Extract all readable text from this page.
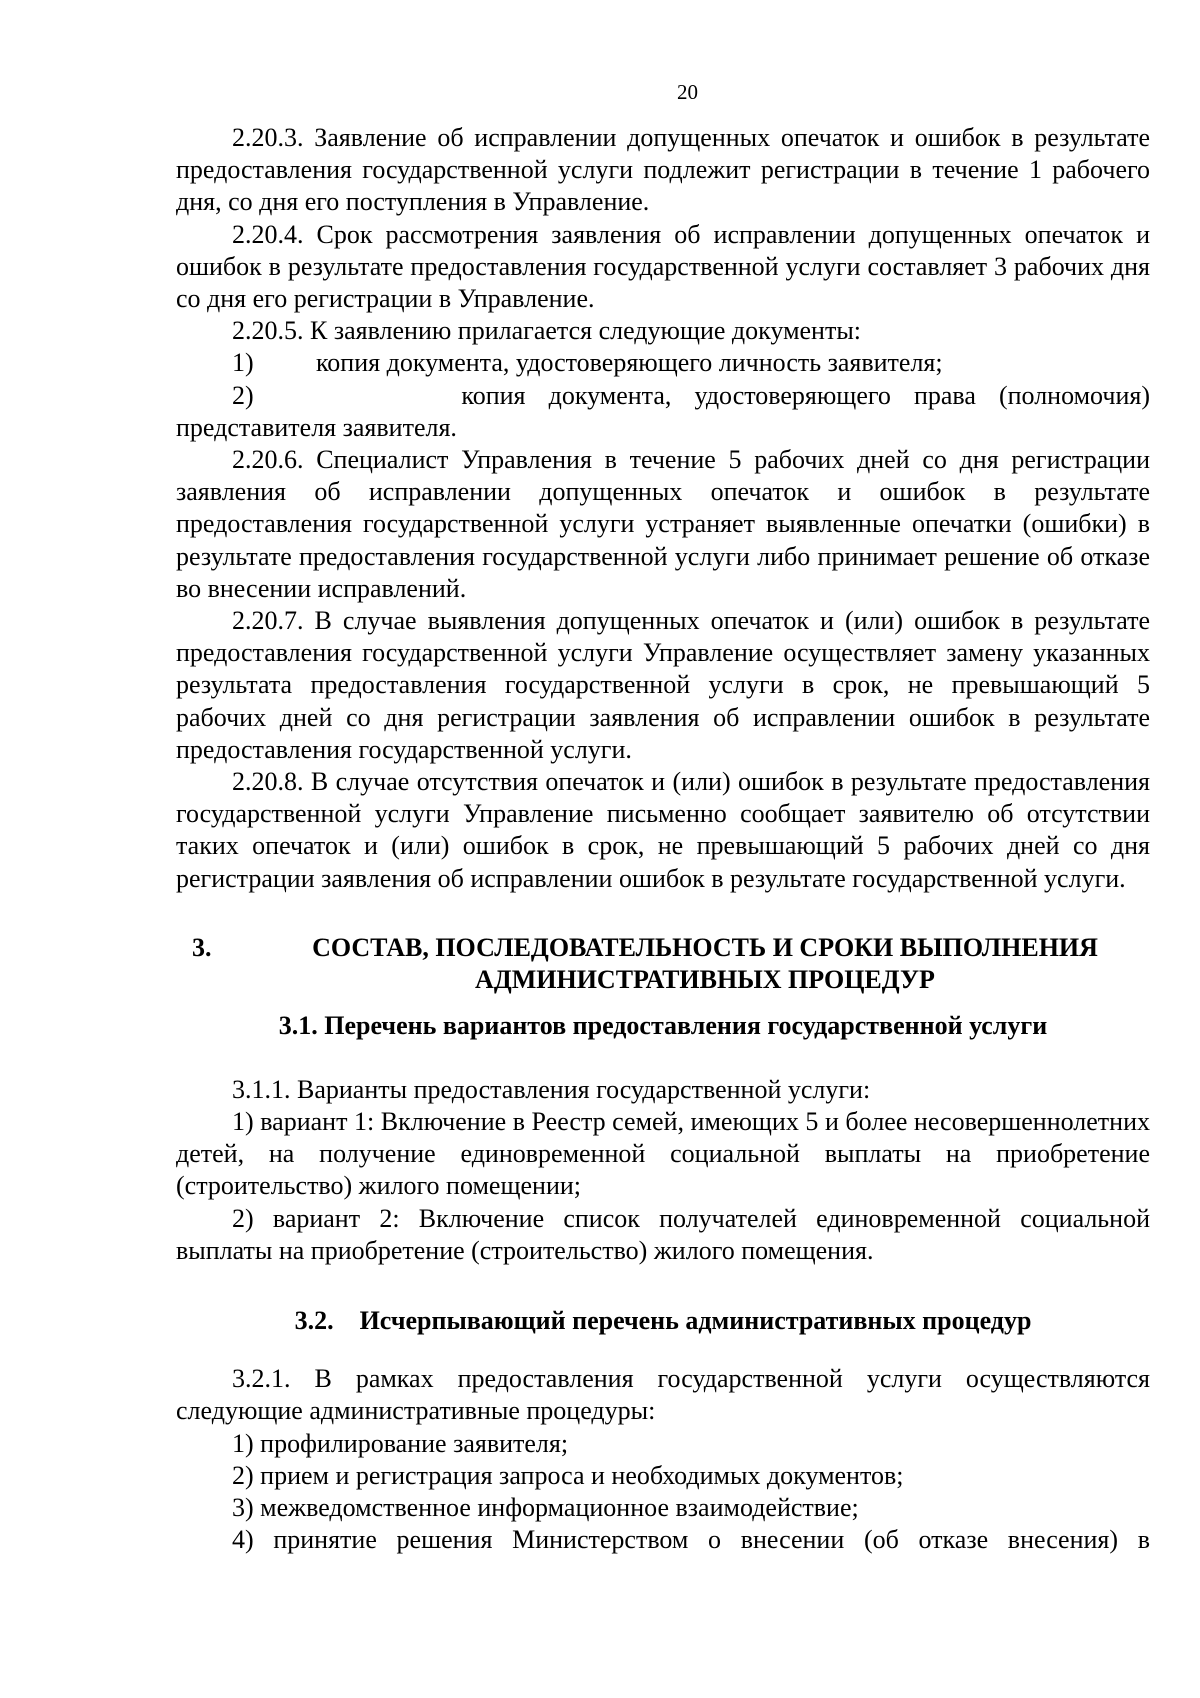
20

2.20.3. Заявление об исправлении допущенных опечаток и ошибок в результате предоставления государственной услуги подлежит регистрации в течение 1 рабочего дня, со дня его поступления в Управление.

2.20.4. Срок рассмотрения заявления об исправлении допущенных опечаток и ошибок в результате предоставления государственной услуги составляет 3 рабочих дня со дня его регистрации в Управление.

2.20.5. К заявлению прилагается следующие документы:

1) копия документа, удостоверяющего личность заявителя;

2)         копия документа, удостоверяющего права (полномочия)

представителя заявителя.

2.20.6. Специалист Управления в течение 5 рабочих дней со дня регистрации заявления об исправлении допущенных опечаток и ошибок в результате предоставления государственной услуги устраняет выявленные опечатки (ошибки) в результате предоставления государственной услуги либо принимает решение об отказе во внесении исправлений.

2.20.7. В случае выявления допущенных опечаток и (или) ошибок в результате предоставления государственной услуги Управление осуществляет замену указанных результата предоставления государственной услуги в срок, не превышающий 5 рабочих дней со дня регистрации заявления об исправлении ошибок в результате предоставления государственной услуги.

2.20.8. В случае отсутствия опечаток и (или) ошибок в результате предоставления государственной услуги Управление письменно сообщает заявителю об отсутствии таких опечаток и (или) ошибок в срок, не превышающий 5 рабочих дней со дня регистрации заявления об исправлении ошибок в результате государственной услуги.

3.	СОСТАВ, ПОСЛЕДОВАТЕЛЬНОСТЬ И СРОКИ ВЫПОЛНЕНИЯ АДМИНИСТРАТИВНЫХ ПРОЦЕДУР
3.1. Перечень вариантов предоставления государственной услуги

3.1.1. Варианты предоставления государственной услуги:

1) вариант 1: Включение в Реестр семей, имеющих 5 и более несовершеннолетних детей, на получение единовременной социальной выплаты на приобретение (строительство) жилого помещении;

2) вариант 2: Включение список получателей единовременной социальной выплаты на приобретение (строительство) жилого помещения.

3.2. Исчерпывающий перечень административных процедур

3.2.1. В рамках предоставления государственной услуги осуществляются следующие административные процедуры:

1) профилирование заявителя;

2) прием и регистрация запроса и необходимых документов;

3) межведомственное информационное взаимодействие;

4) принятие решения Министерством о внесении (об отказе внесения) в
